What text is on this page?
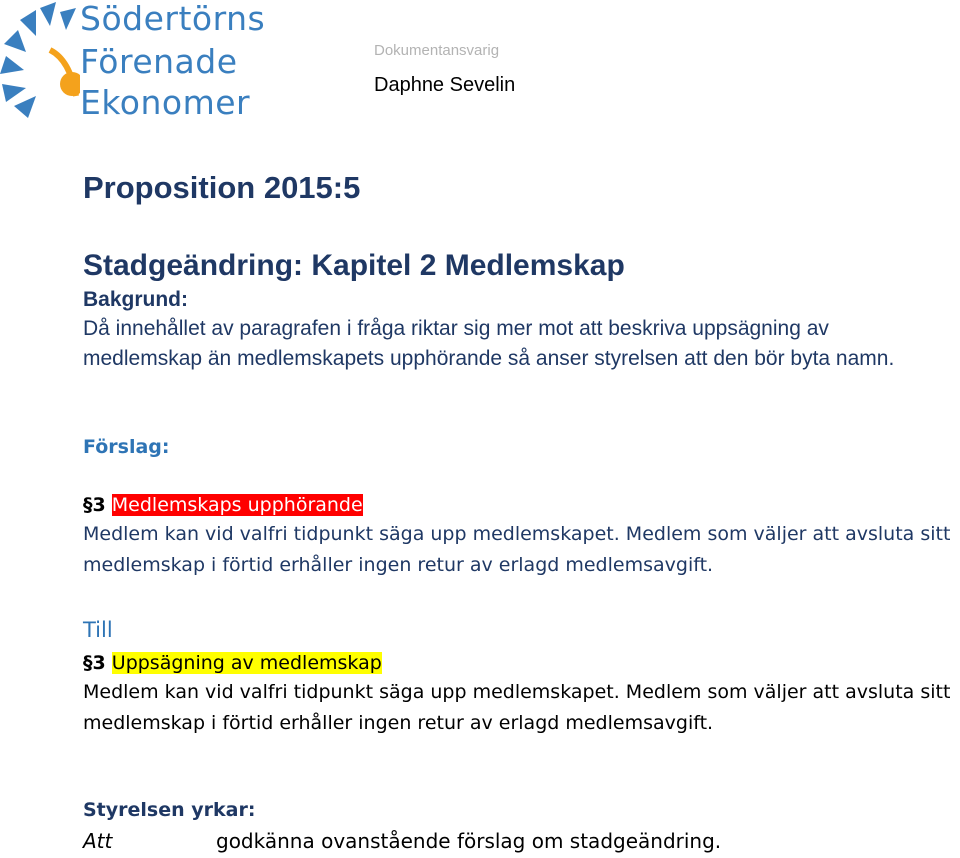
Södertörns
Förenade
Ekonomer
Dokumentansvarig
Daphne Sevelin
Proposition 2015:5
Stadgeändring: Kapitel 2 Medlemskap
Bakgrund:
Då innehållet av paragrafen i fråga riktar sig mer mot att beskriva uppsägning av medlemskap än medlemskapets upphörande så anser styrelsen att den bör byta namn.
Förslag:
§3 Medlemskaps upphörande
Medlem kan vid valfri tidpunkt säga upp medlemskapet. Medlem som väljer att avsluta sitt medlemskap i förtid erhåller ingen retur av erlagd medlemsavgift.
Till
§3 Uppsägning av medlemskap
Medlem kan vid valfri tidpunkt säga upp medlemskapet. Medlem som väljer att avsluta sitt medlemskap i förtid erhåller ingen retur av erlagd medlemsavgift.
Styrelsen yrkar:
Att	godkänna ovanstående förslag om stadgeändring.
